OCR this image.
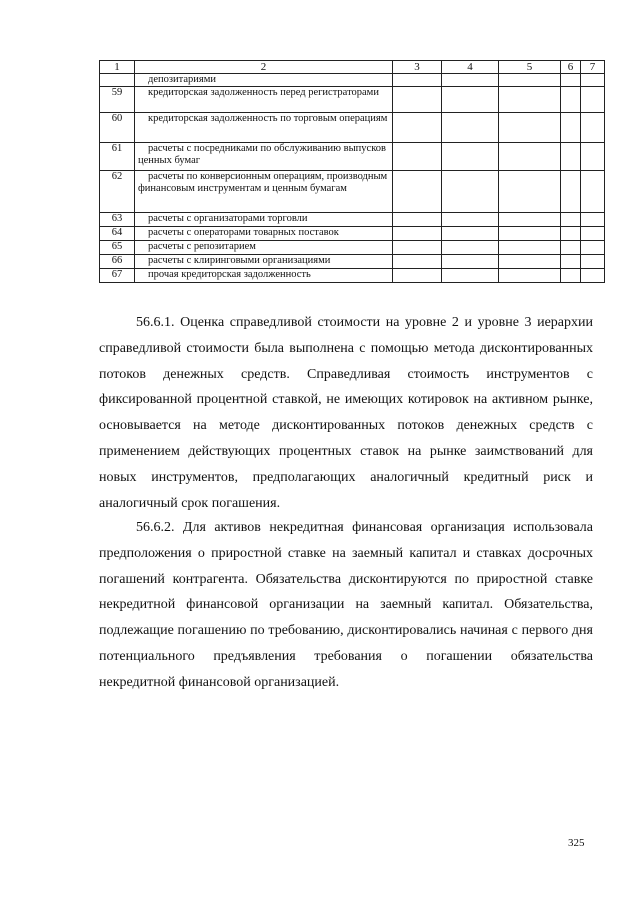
1	2	3	4	5	6	7
	депозитариями					
59	кредиторская задолженность перед регистраторами					
60	кредиторская задолженность по торговым операциям					
61	расчеты с посредниками по обслуживанию выпусков ценных бумаг					
62	расчеты по конверсионным операциям, производным финансовым инструментам и ценным бумагам					
63	расчеты с организаторами торговли					
64	расчеты с операторами товарных поставок					
65	расчеты с репозитарием					
66	расчеты с клиринговыми организациями					
67	прочая кредиторская задолженность					

56.6.1. Оценка справедливой стоимости на уровне 2 и уровне 3 иерархии справедливой стоимости была выполнена с помощью метода дисконтированных потоков денежных средств. Справедливая стоимость инструментов с фиксированной процентной ставкой, не имеющих котировок на активном рынке, основывается на методе дисконтированных потоков денежных средств с применением действующих процентных ставок на рынке заимствований для новых инструментов, предполагающих аналогичный кредитный риск и аналогичный срок погашения.

56.6.2. Для активов некредитная финансовая организация использовала предположения о приростной ставке на заемный капитал и ставках досрочных погашений контрагента. Обязательства дисконтируются по приростной ставке некредитной финансовой организации на заемный капитал. Обязательства, подлежащие погашению по требованию, дисконтировались начиная с первого дня потенциального предъявления требования о погашении обязательства некредитной финансовой организацией.

325
